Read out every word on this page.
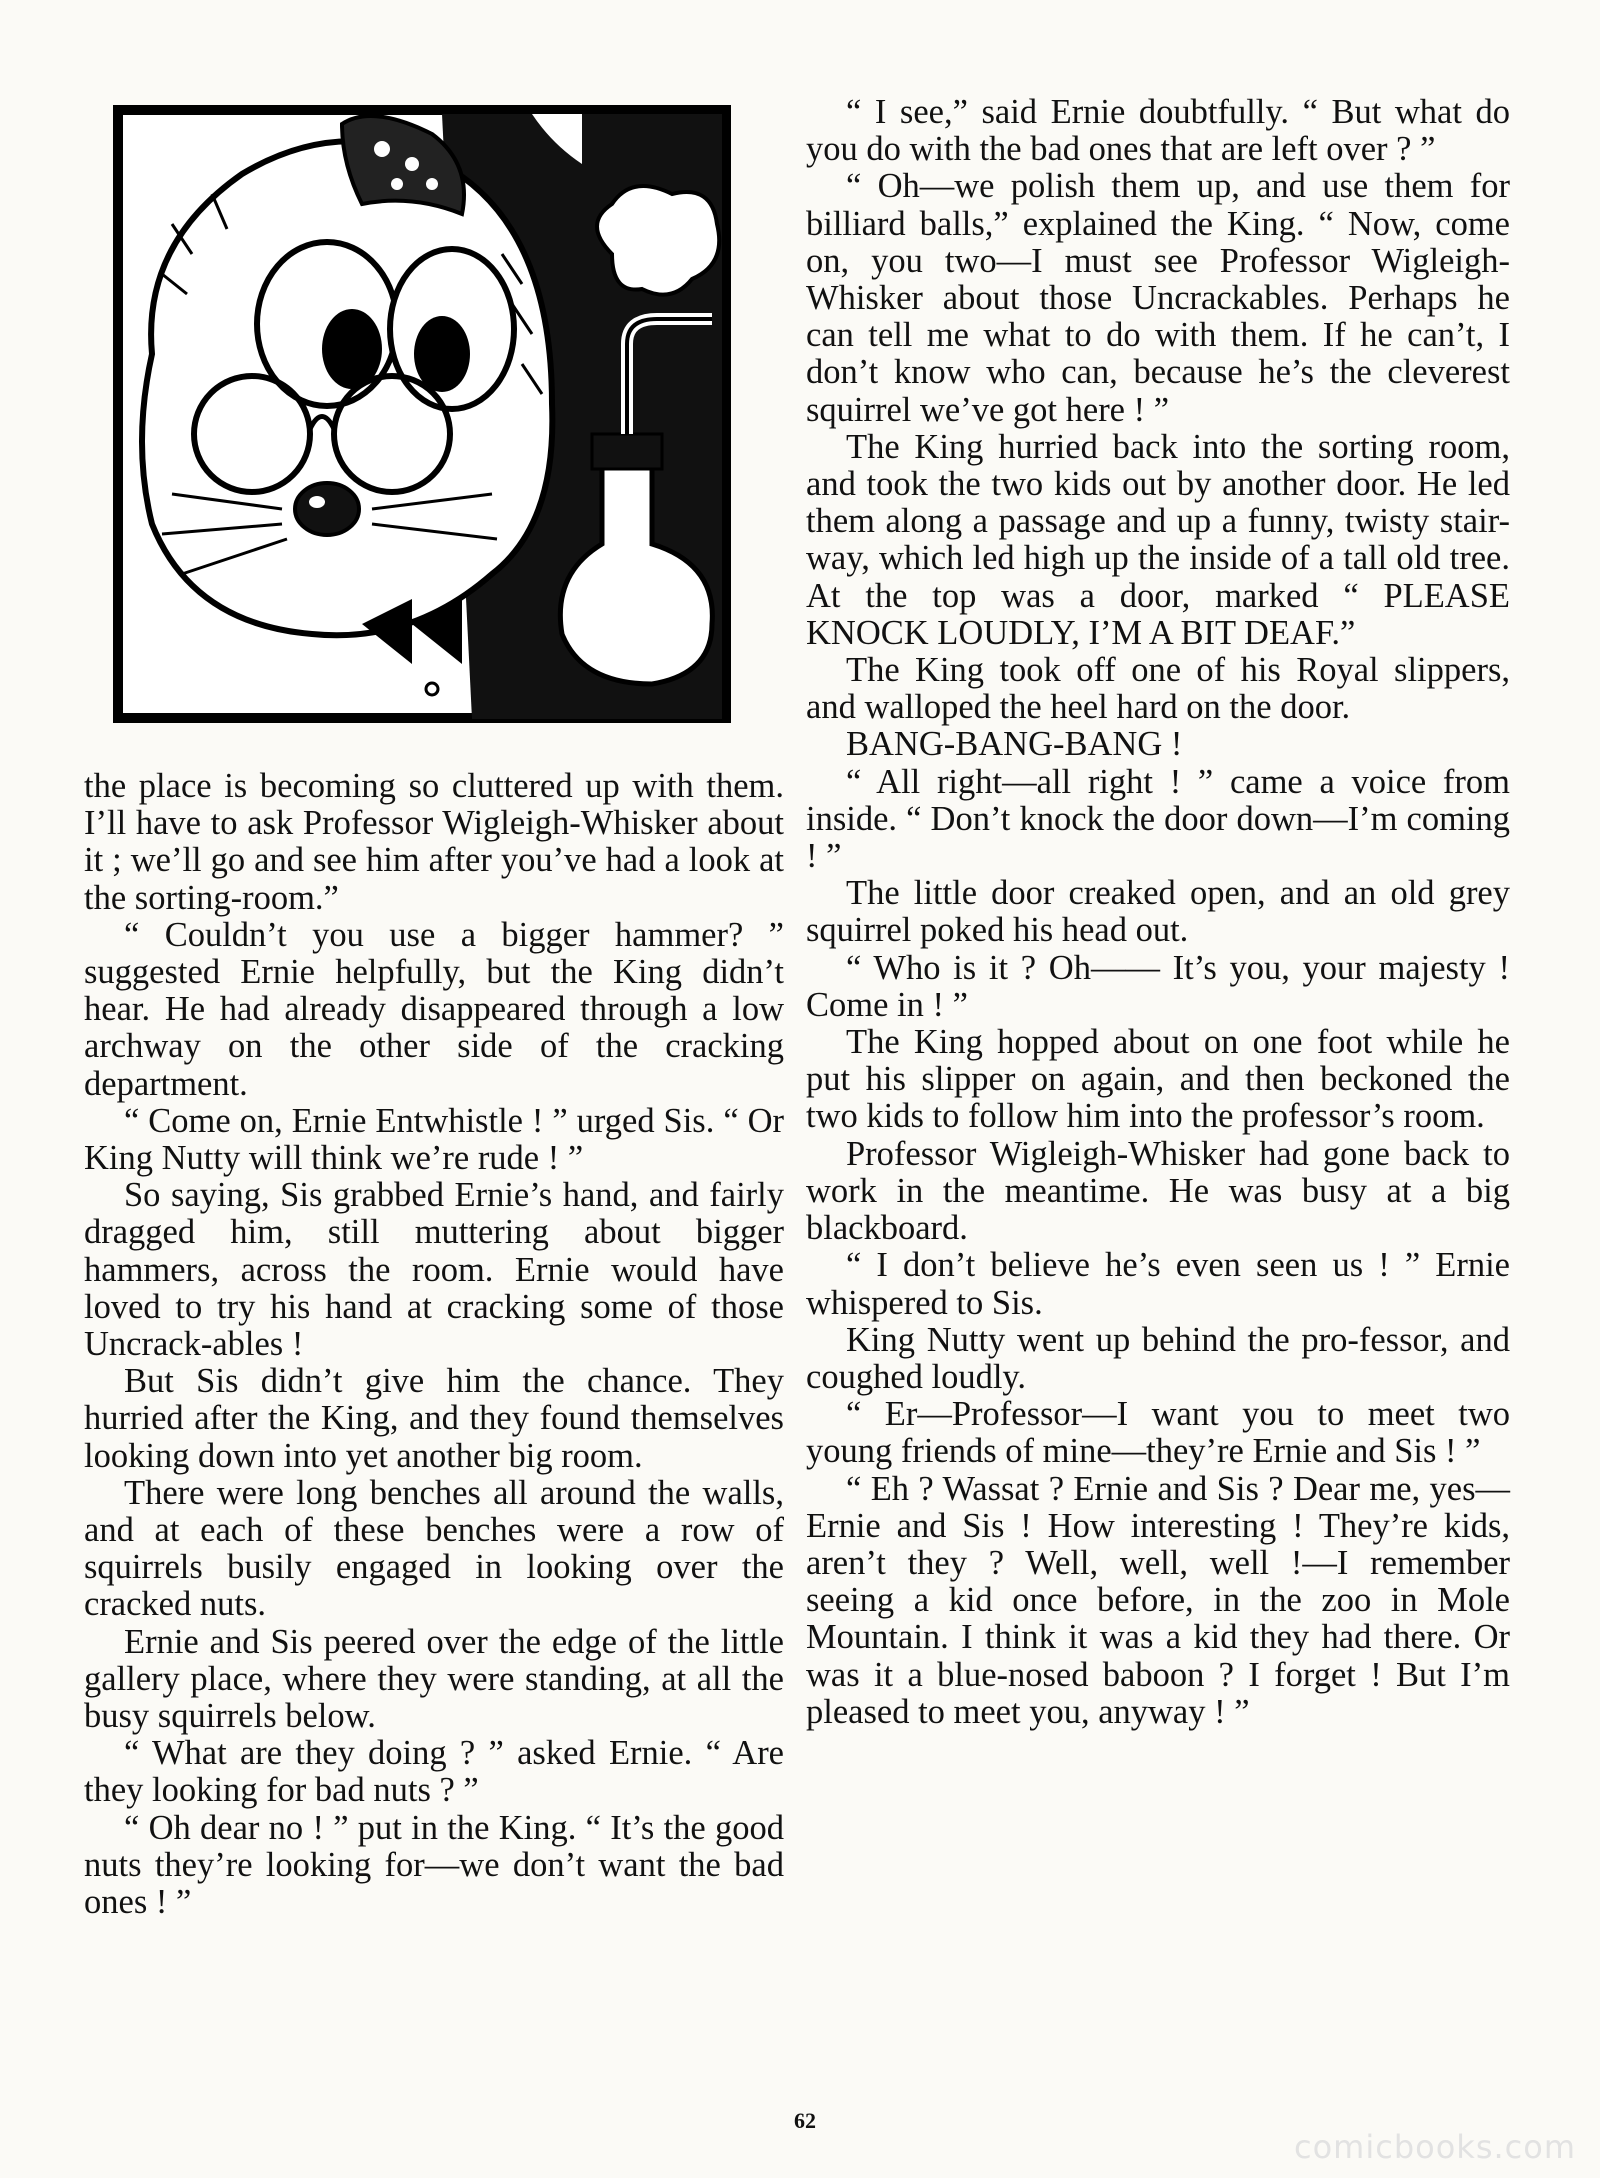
the place is becoming so cluttered up with them. I’ll have to ask Professor Wigleigh-Whisker about it ; we’ll go and see him after you’ve had a look at the sorting-room.”

“ Couldn’t you use a bigger hammer? ” suggested Ernie helpfully, but the King didn’t hear. He had already disappeared through a low archway on the other side of the cracking department.

“ Come on, Ernie Entwhistle ! ” urged Sis. “ Or King Nutty will think we’re rude ! ”

So saying, Sis grabbed Ernie’s hand, and fairly dragged him, still muttering about bigger hammers, across the room. Ernie would have loved to try his hand at cracking some of those Uncrack-ables !

But Sis didn’t give him the chance. They hurried after the King, and they found themselves looking down into yet another big room.

There were long benches all around the walls, and at each of these benches were a row of squirrels busily engaged in looking over the cracked nuts.

Ernie and Sis peered over the edge of the little gallery place, where they were standing, at all the busy squirrels below.

“ What are they doing ? ” asked Ernie. “ Are they looking for bad nuts ? ”

“ Oh dear no ! ” put in the King. “ It’s the good nuts they’re looking for—we don’t want the bad ones ! ”

“ I see,” said Ernie doubtfully. “ But what do you do with the bad ones that are left over ? ”

“ Oh—we polish them up, and use them for billiard balls,” explained the King. “ Now, come on, you two—I must see Professor Wigleigh-Whisker about those Uncrackables. Perhaps he can tell me what to do with them. If he can’t, I don’t know who can, because he’s the cleverest squirrel we’ve got here ! ”

The King hurried back into the sorting room, and took the two kids out by another door. He led them along a passage and up a funny, twisty stair-way, which led high up the inside of a tall old tree. At the top was a door, marked “ PLEASE KNOCK LOUDLY, I’M A BIT DEAF.”

The King took off one of his Royal slippers, and walloped the heel hard on the door.

BANG-BANG-BANG !

“ All right—all right ! ” came a voice from inside. “ Don’t knock the door down—I’m coming ! ”

The little door creaked open, and an old grey squirrel poked his head out.

“ Who is it ? Oh—— It’s you, your majesty ! Come in ! ”

The King hopped about on one foot while he put his slipper on again, and then beckoned the two kids to follow him into the professor’s room.

Professor Wigleigh-Whisker had gone back to work in the meantime. He was busy at a big blackboard.

“ I don’t believe he’s even seen us ! ” Ernie whispered to Sis.

King Nutty went up behind the pro-fessor, and coughed loudly.

“ Er—Professor—I want you to meet two young friends of mine—they’re Ernie and Sis ! ”

“ Eh ? Wassat ? Ernie and Sis ? Dear me, yes—Ernie and Sis ! How interesting ! They’re kids, aren’t they ? Well, well, well !—I remember seeing a kid once before, in the zoo in Mole Mountain. I think it was a kid they had there. Or was it a blue-nosed baboon ? I forget ! But I’m pleased to meet you, anyway ! ”

62
comicbooks.com
